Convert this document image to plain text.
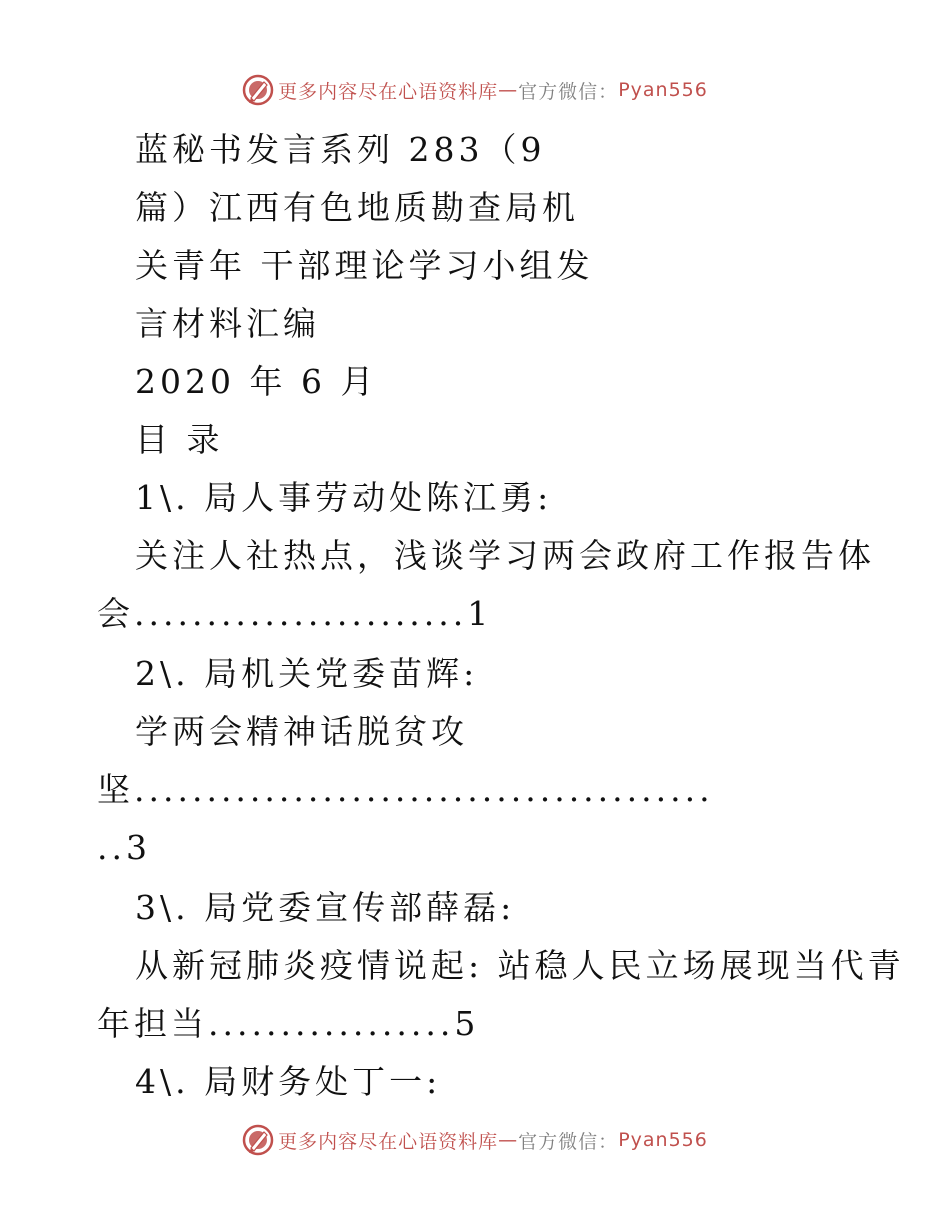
更多内容尽在心语资料库 — 官方微信： Pyan556
蓝秘书发言系列 283（9
篇）江西有色地质勘查局机
关青年 干部理论学习小组发
言材料汇编
2020 年 6 月
目 录
1\. 局人事劳动处陈江勇:
关注人社热点，浅谈学习两会政府工作报告体
会.......................1
2\. 局机关党委苗辉:
学两会精神话脱贫攻
坚........................................
..3
3\. 局党委宣传部薛磊:
从新冠肺炎疫情说起: 站稳人民立场展现当代青
年担当.................5
4\. 局财务处丁一:
更多内容尽在心语资料库 — 官方微信： Pyan556
